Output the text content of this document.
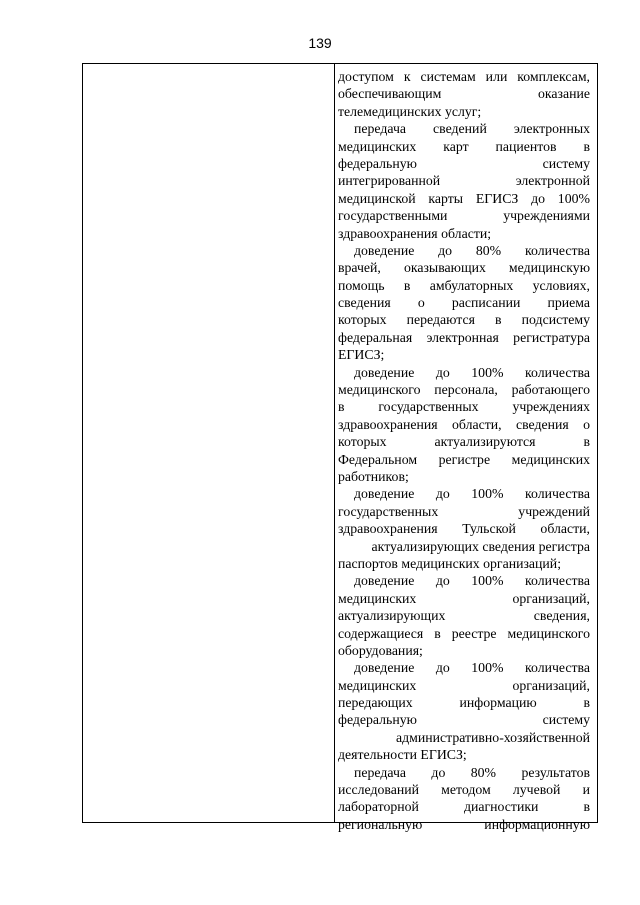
139
доступом к системам или комплексам,
обеспечивающим оказание
телемедицинских услуг;
передача сведений электронных
медицинских карт пациентов в
федеральную систему
интегрированной электронной
медицинской карты ЕГИСЗ до 100%
государственными учреждениями
здравоохранения области;
доведение до 80% количества
врачей, оказывающих медицинскую
помощь в амбулаторных условиях,
сведения о расписании приема
которых передаются в подсистему
федеральная электронная регистратура
ЕГИСЗ;
доведение до 100% количества
медицинского персонала, работающего
в государственных учреждениях
здравоохранения области, сведения о
которых актуализируются в
Федеральном регистре медицинских
работников;
доведение до 100% количества
государственных учреждений
здравоохранения Тульской области,
актуализирующих сведения регистра
паспортов медицинских организаций;
доведение до 100% количества
медицинских организаций,
актуализирующих сведения,
содержащиеся в реестре медицинского
оборудования;
доведение до 100% количества
медицинских организаций,
передающих информацию в
федеральную систему
административно-хозяйственной
деятельности ЕГИСЗ;
передача до 80% результатов
исследований методом лучевой и
лабораторной диагностики в
региональную информационную
